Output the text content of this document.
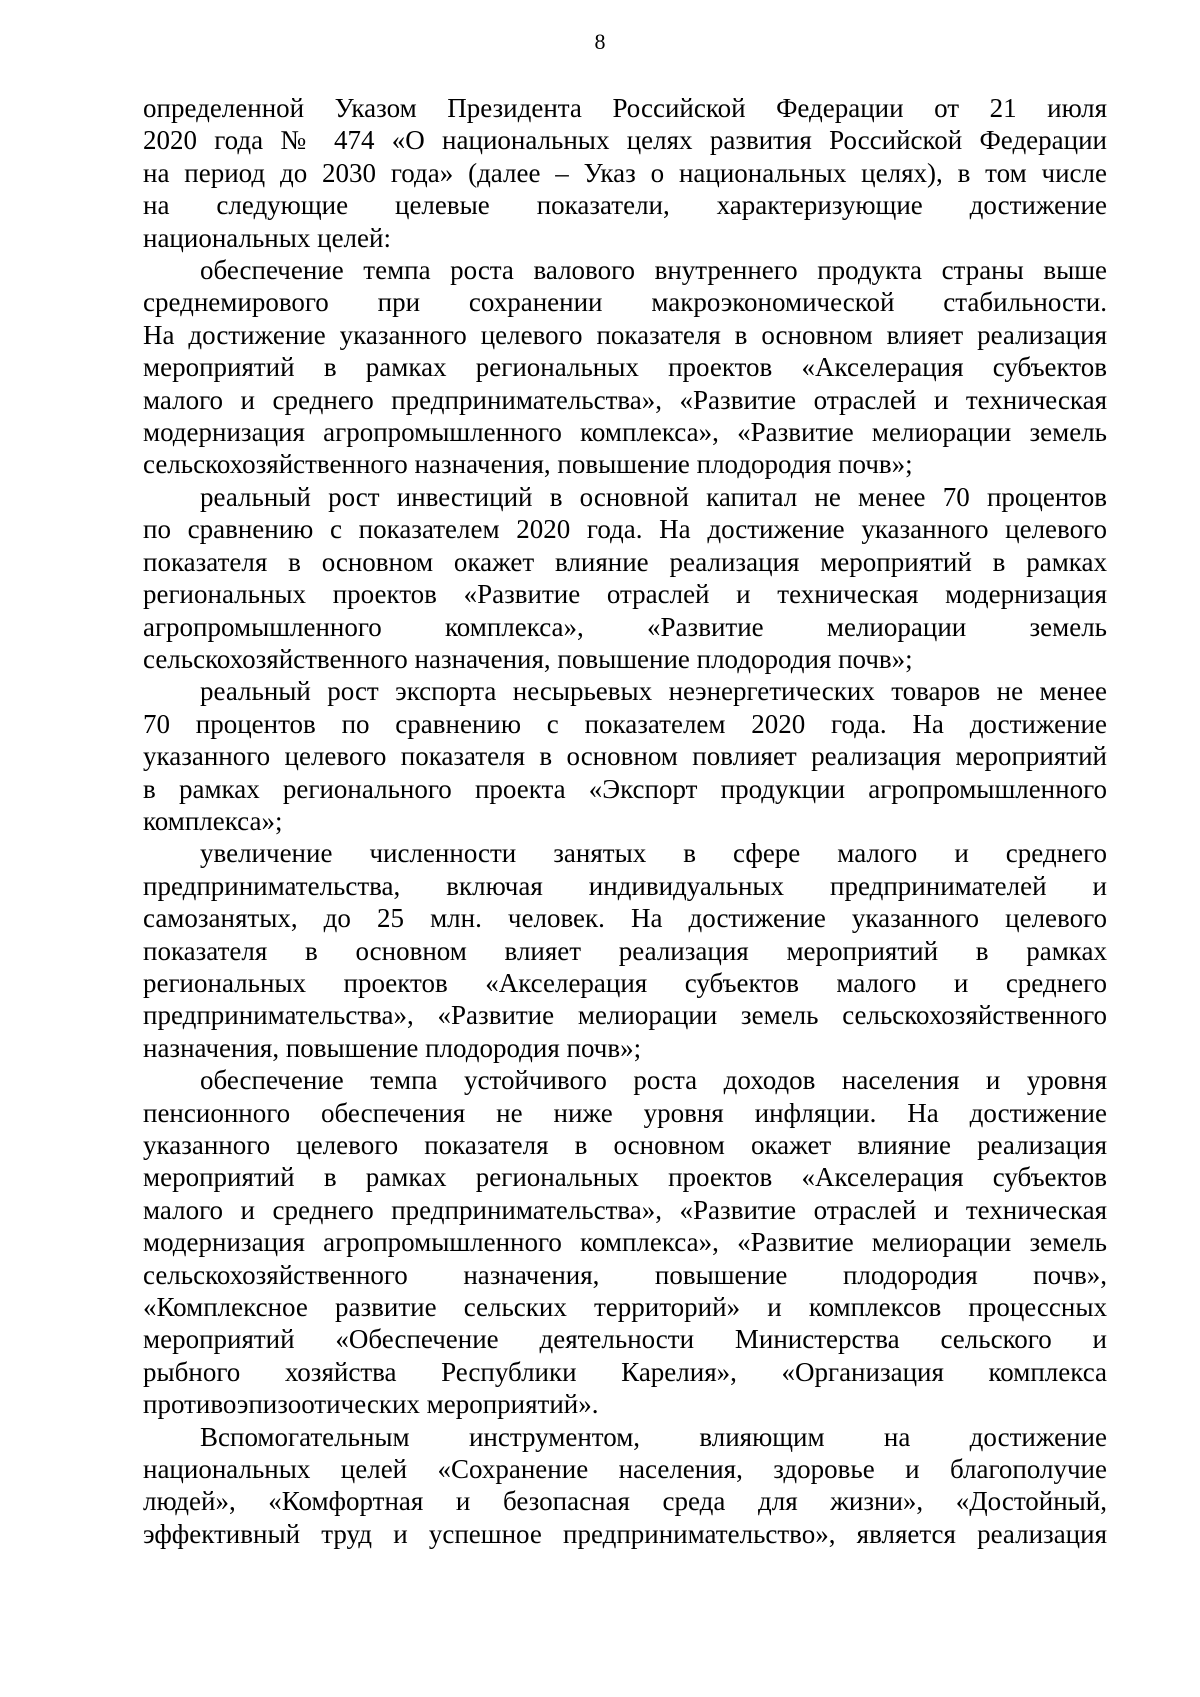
8
определенной Указом Президента Российской Федерации от 21 июля
2020 года № 474 «О национальных целях развития Российской Федерации
на период до 2030 года» (далее – Указ о национальных целях), в том числе
на следующие целевые показатели, характеризующие достижение
национальных целей:
обеспечение темпа роста валового внутреннего продукта страны выше
среднемирового при сохранении макроэкономической стабильности.
На достижение указанного целевого показателя в основном влияет реализация
мероприятий в рамках региональных проектов «Акселерация субъектов
малого и среднего предпринимательства», «Развитие отраслей и техническая
модернизация агропромышленного комплекса», «Развитие мелиорации земель
сельскохозяйственного назначения, повышение плодородия почв»;
реальный рост инвестиций в основной капитал не менее 70 процентов
по сравнению с показателем 2020 года. На достижение указанного целевого
показателя в основном окажет влияние реализация мероприятий в рамках
региональных проектов «Развитие отраслей и техническая модернизация
агропромышленного комплекса», «Развитие мелиорации земель
сельскохозяйственного назначения, повышение плодородия почв»;
реальный рост экспорта несырьевых неэнергетических товаров не менее
70 процентов по сравнению с показателем 2020 года. На достижение
указанного целевого показателя в основном повлияет реализация мероприятий
в рамках регионального проекта «Экспорт продукции агропромышленного
комплекса»;
увеличение численности занятых в сфере малого и среднего
предпринимательства, включая индивидуальных предпринимателей и
самозанятых, до 25 млн. человек. На достижение указанного целевого
показателя в основном влияет реализация мероприятий в рамках
региональных проектов «Акселерация субъектов малого и среднего
предпринимательства», «Развитие мелиорации земель сельскохозяйственного
назначения, повышение плодородия почв»;
обеспечение темпа устойчивого роста доходов населения и уровня
пенсионного обеспечения не ниже уровня инфляции. На достижение
указанного целевого показателя в основном окажет влияние реализация
мероприятий в рамках региональных проектов «Акселерация субъектов
малого и среднего предпринимательства», «Развитие отраслей и техническая
модернизация агропромышленного комплекса», «Развитие мелиорации земель
сельскохозяйственного назначения, повышение плодородия почв»,
«Комплексное развитие сельских территорий» и комплексов процессных
мероприятий «Обеспечение деятельности Министерства сельского и
рыбного хозяйства Республики Карелия», «Организация комплекса
противоэпизоотических мероприятий».
Вспомогательным инструментом, влияющим на достижение
национальных целей «Сохранение населения, здоровье и благополучие
людей», «Комфортная и безопасная среда для жизни», «Достойный,
эффективный труд и успешное предпринимательство», является реализация
